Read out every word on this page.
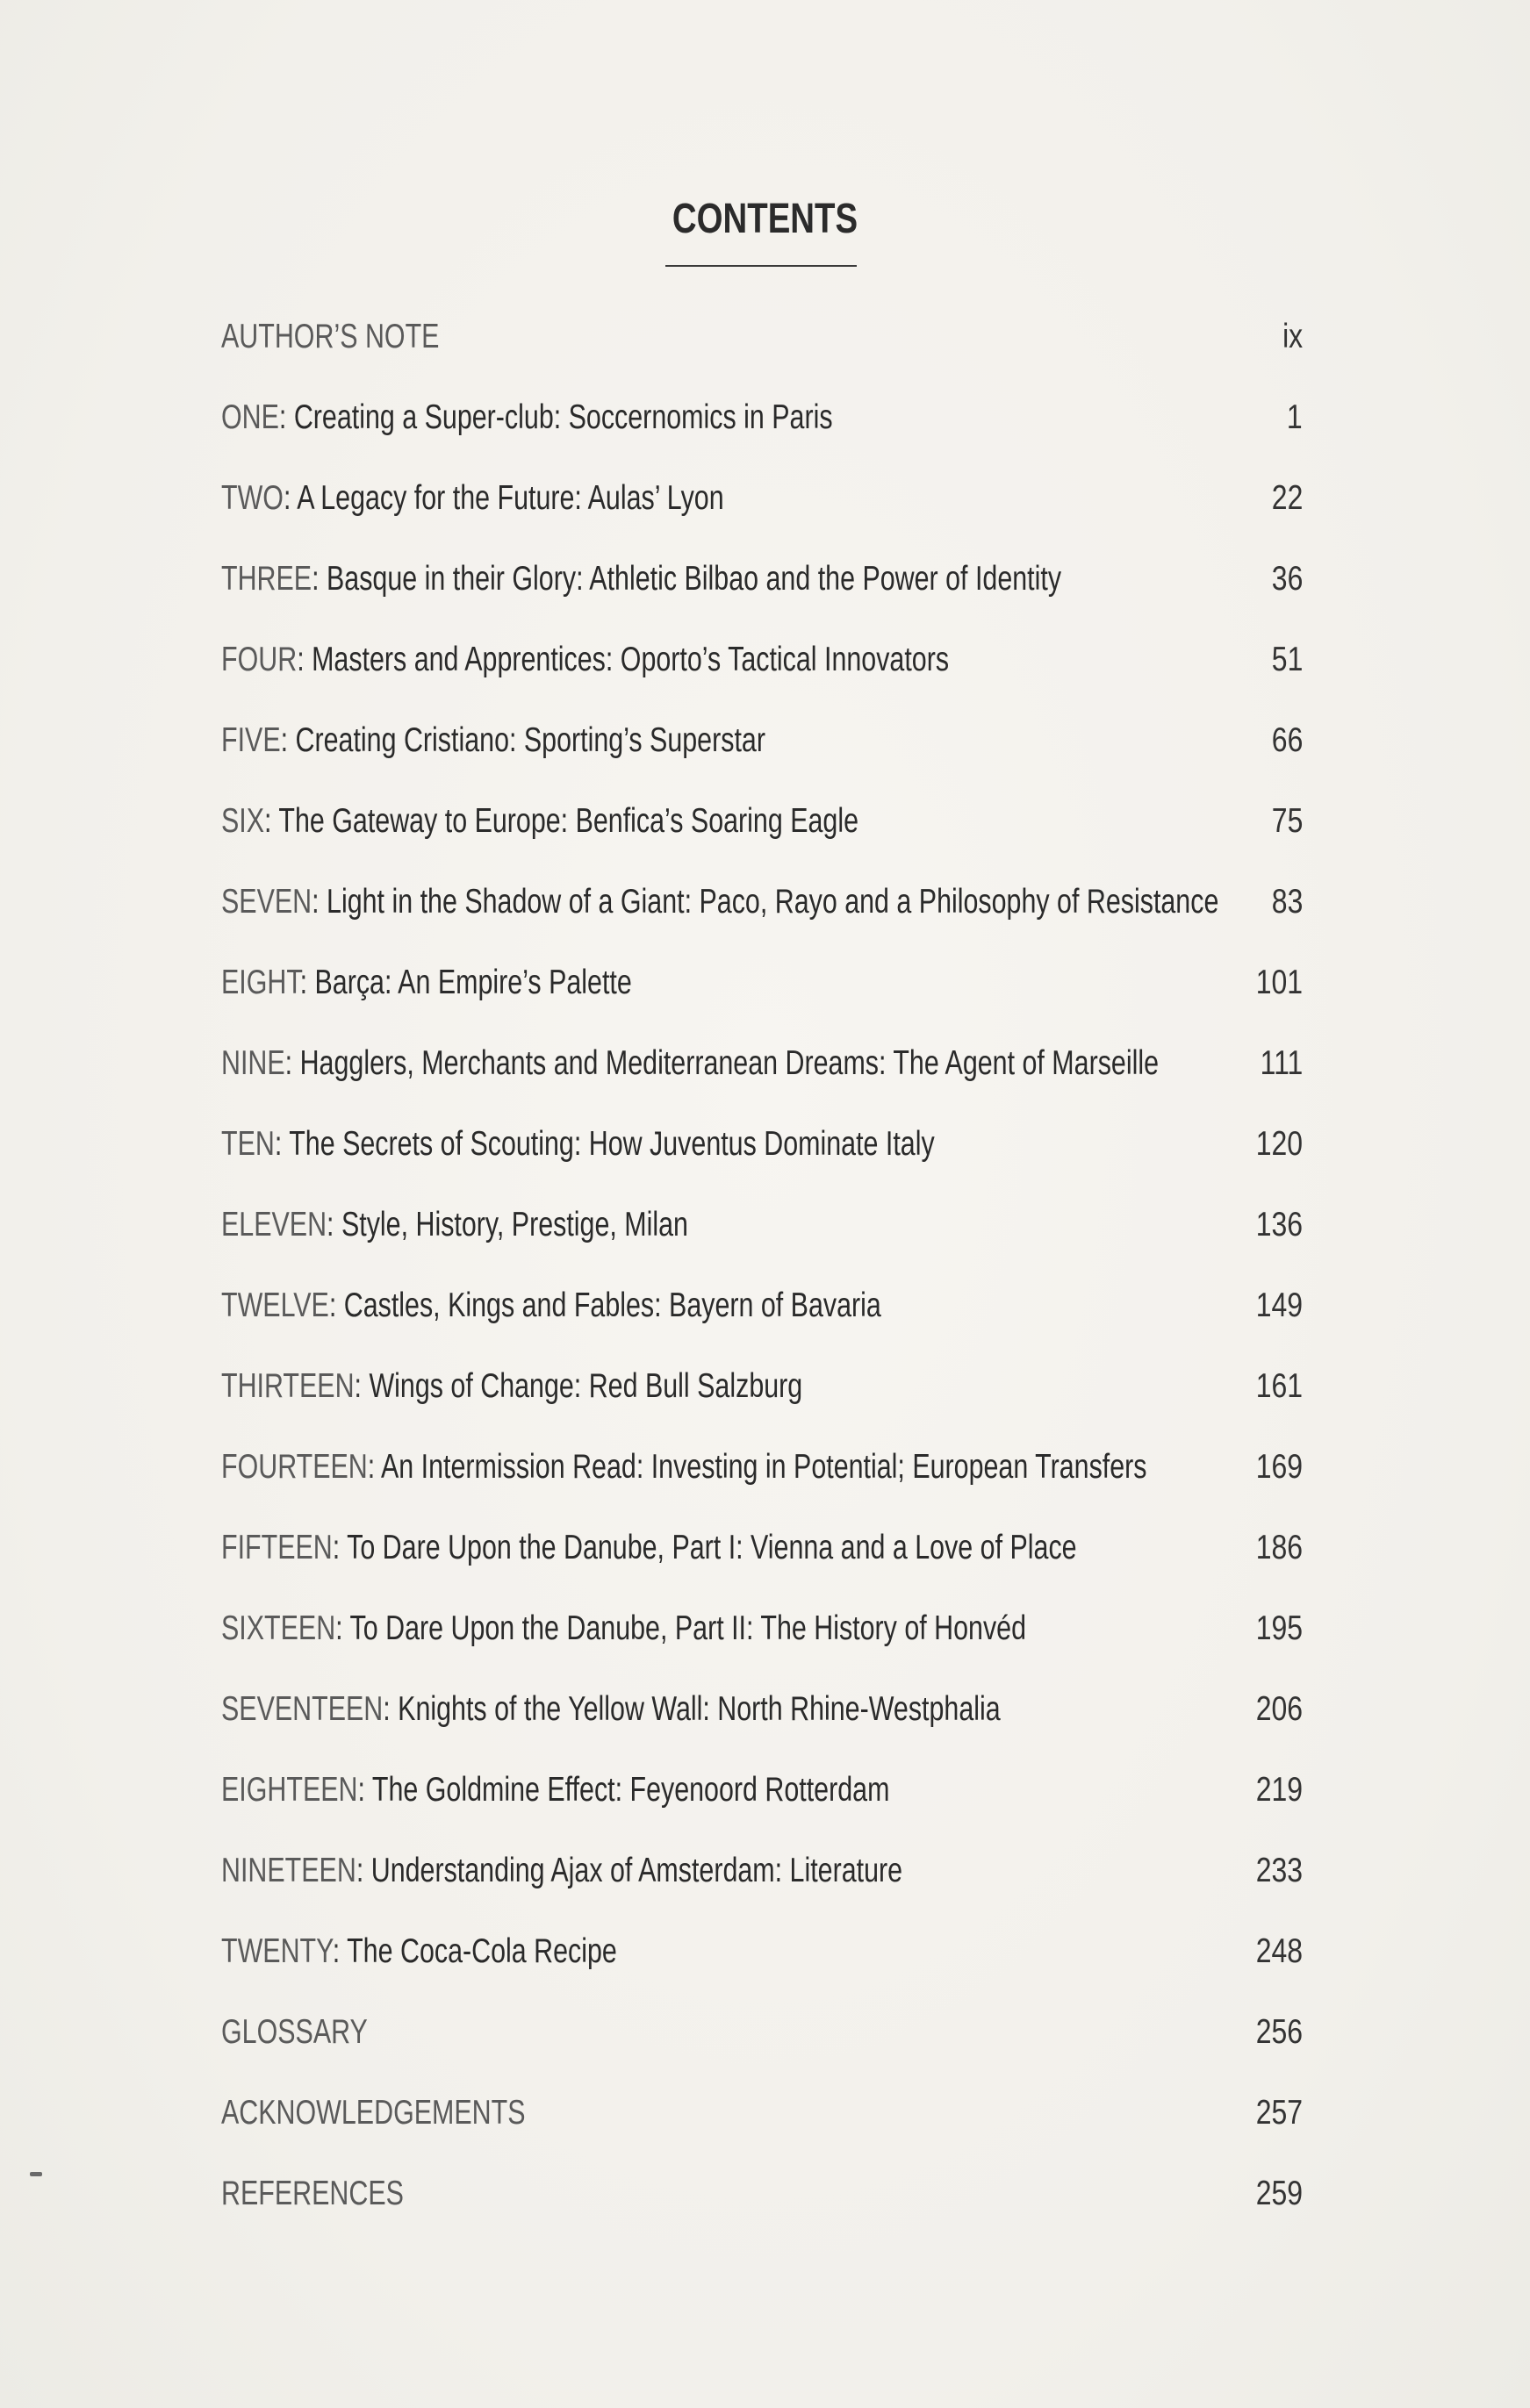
CONTENTS
AUTHOR’S NOTE	ix
ONE: Creating a Super-club: Soccernomics in Paris	1
TWO: A Legacy for the Future: Aulas’ Lyon	22
THREE: Basque in their Glory: Athletic Bilbao and the Power of Identity	36
FOUR: Masters and Apprentices: Oporto’s Tactical Innovators	51
FIVE: Creating Cristiano: Sporting’s Superstar	66
SIX: The Gateway to Europe: Benfica’s Soaring Eagle	75
SEVEN: Light in the Shadow of a Giant: Paco, Rayo and a Philosophy of Resistance 83
EIGHT: Barça: An Empire’s Palette	101
NINE: Hagglers, Merchants and Mediterranean Dreams: The Agent of Marseille	111
TEN: The Secrets of Scouting: How Juventus Dominate Italy	120
ELEVEN: Style, History, Prestige, Milan	136
TWELVE: Castles, Kings and Fables: Bayern of Bavaria	149
THIRTEEN: Wings of Change: Red Bull Salzburg	161
FOURTEEN: An Intermission Read: Investing in Potential; European Transfers	169
FIFTEEN: To Dare Upon the Danube, Part I: Vienna and a Love of Place	186
SIXTEEN: To Dare Upon the Danube, Part II: The History of Honvéd	195
SEVENTEEN: Knights of the Yellow Wall: North Rhine-Westphalia	206
EIGHTEEN: The Goldmine Effect: Feyenoord Rotterdam	219
NINETEEN: Understanding Ajax of Amsterdam: Literature	233
TWENTY: The Coca-Cola Recipe	248
GLOSSARY	256
ACKNOWLEDGEMENTS	257
REFERENCES	259
